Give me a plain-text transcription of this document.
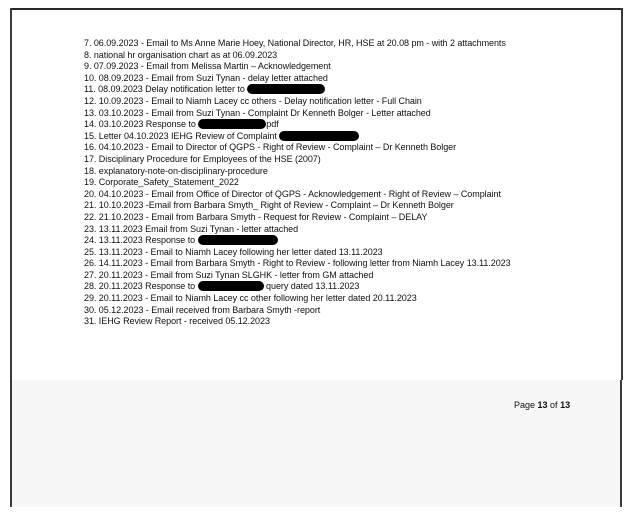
7. 06.09.2023 - Email to Ms Anne Marie Hoey, National Director, HR, HSE at 20.08 pm - with 2 attachments
8. national hr organisation chart as at 06.09.2023
9. 07.09.2023 - Email from Melissa Martin – Acknowledgement
10. 08.09.2023 - Email from Suzi Tynan - delay letter attached
11. 08.09.2023 Delay notification letter to
12. 10.09.2023 - Email to Niamh Lacey cc others - Delay notification letter - Full Chain
13. 03.10.2023 - Email from Suzi Tynan - Complaint Dr Kenneth Bolger - Letter attached
14. 03.10.2023 Response to	pdf
15. Letter 04.10.2023 IEHG Review of Complaint
16. 04.10.2023 - Email to Director of QGPS - Right of Review - Complaint – Dr Kenneth Bolger
17. Disciplinary Procedure for Employees of the HSE (2007)
18. explanatory-note-on-disciplinary-procedure
19. Corporate_Safety_Statement_2022
20. 04.10.2023 - Email from Office of Director of QGPS - Acknowledgement - Right of Review – Complaint
21. 10.10.2023 -Email from Barbara Smyth_ Right of Review - Complaint – Dr Kenneth Bolger
22. 21.10.2023 - Email from Barbara Smyth - Request for Review - Complaint – DELAY
23. 13.11.2023 Email from Suzi Tynan - letter attached
24. 13.11.2023 Response to
25. 13.11.2023 - Email to Niamh Lacey following her letter dated 13.11.2023
26. 14.11.2023 - Email from Barbara Smyth - Right to Review - following letter from Niamh Lacey 13.11.2023
27. 20.11.2023 - Email from Suzi Tynan SLGHK - letter from GM attached
28. 20.11.2023 Response to	query dated 13.11.2023
29. 20.11.2023 - Email to Niamh Lacey cc other following her letter dated 20.11.2023
30. 05.12.2023 - Email received from Barbara Smyth -report
31. IEHG Review Report - received 05.12.2023
Page 13 of 13
